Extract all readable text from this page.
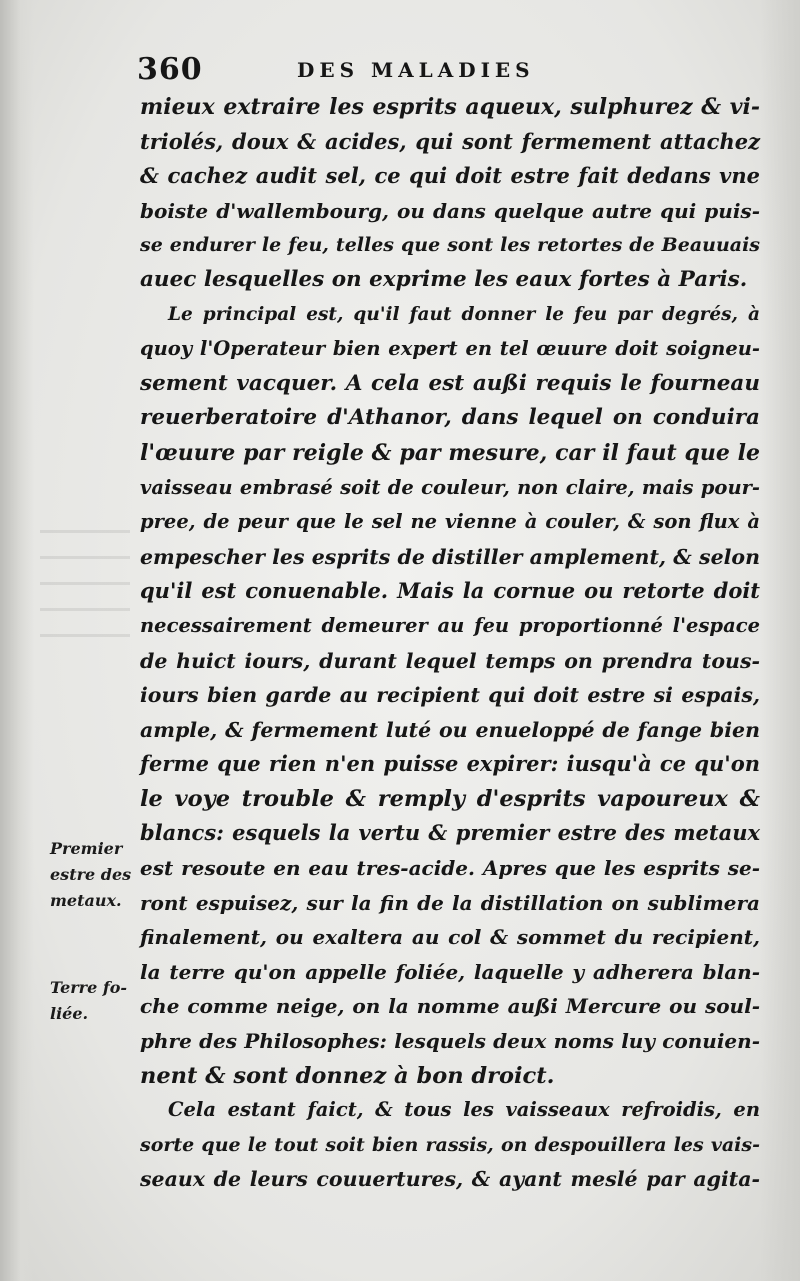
360	DES MALADIES
mieux extraire les esprits aqueux, sulphurez & vi-
triolés, doux & acides, qui sont fermement attachez
& cachez audit sel, ce qui doit estre fait dedans vne
boiste d'wallembourg, ou dans quelque autre qui puis-
se endurer le feu, telles que sont les retortes de Beauuais
auec lesquelles on exprime les eaux fortes à Paris.
Le principal est, qu'il faut donner le feu par degrés, à
quoy l'Operateur bien expert en tel œuure doit soigneu-
sement vacquer. A cela est außi requis le fourneau
reuerberatoire d'Athanor, dans lequel on conduira
l'œuure par reigle & par mesure, car il faut que le
vaisseau embrasé soit de couleur, non claire, mais pour-
pree, de peur que le sel ne vienne à couler, & son flux à
empescher les esprits de distiller amplement, & selon
qu'il est conuenable. Mais la cornue ou retorte doit
necessairement demeurer au feu proportionné l'espace
de huict iours, durant lequel temps on prendra tous-
iours bien garde au recipient qui doit estre si espais,
ample, & fermement luté ou enueloppé de fange bien
ferme que rien n'en puisse expirer: iusqu'à ce qu'on
le voye trouble & remply d'esprits vapoureux &
blancs: esquels la vertu & premier estre des metaux
est resoute en eau tres-acide. Apres que les esprits se-
ront espuisez, sur la fin de la distillation on sublimera
finalement, ou exaltera au col & sommet du recipient,
la terre qu'on appelle foliée, laquelle y adherera blan-
che comme neige, on la nomme außi Mercure ou soul-
phre des Philosophes: lesquels deux noms luy conuien-
nent & sont donnez à bon droict.
Cela estant faict, & tous les vaisseaux refroidis, en
sorte que le tout soit bien rassis, on despouillera les vais-
seaux de leurs couuertures, & ayant meslé par agita-
Premier
estre des
metaux.
Terre fo-
liée.
